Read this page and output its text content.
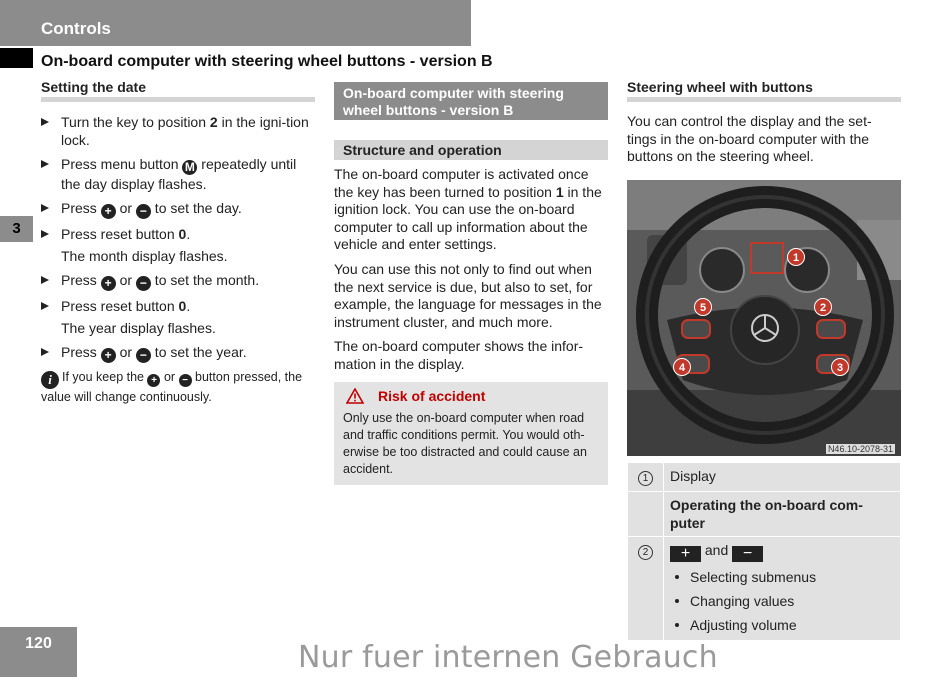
Controls
On-board computer with steering wheel buttons - version B
3
Setting the date
Turn the key to position 2 in the igni-tion lock.
Press menu button M repeatedly until the day display flashes.
Press + or − to set the day.
Press reset button 0.
The month display flashes.
Press + or − to set the month.
Press reset button 0.
The year display flashes.
Press + or − to set the year.
i If you keep the + or − button pressed, the value will change continuously.
On-board computer with steering wheel buttons - version B
Structure and operation
The on-board computer is activated once the key has been turned to position 1 in the ignition lock. You can use the on-board computer to call up information about the vehicle and enter settings.
You can use this not only to find out when the next service is due, but also to set, for example, the language for messages in the instrument cluster, and much more.
The on-board computer shows the infor-mation in the display.
Risk of accident
Only use the on-board computer when road and traffic conditions permit. You would oth-erwise be too distracted and could cause an accident.
Steering wheel with buttons
You can control the display and the set-tings in the on-board computer with the buttons on the steering wheel.
1
2
3
4
5
N46.10-2078-31
1	Display
	Operating the on-board com-puter
2	+ and −
Selecting submenus
Changing values
Adjusting volume
120	Nur fuer internen Gebrauch
